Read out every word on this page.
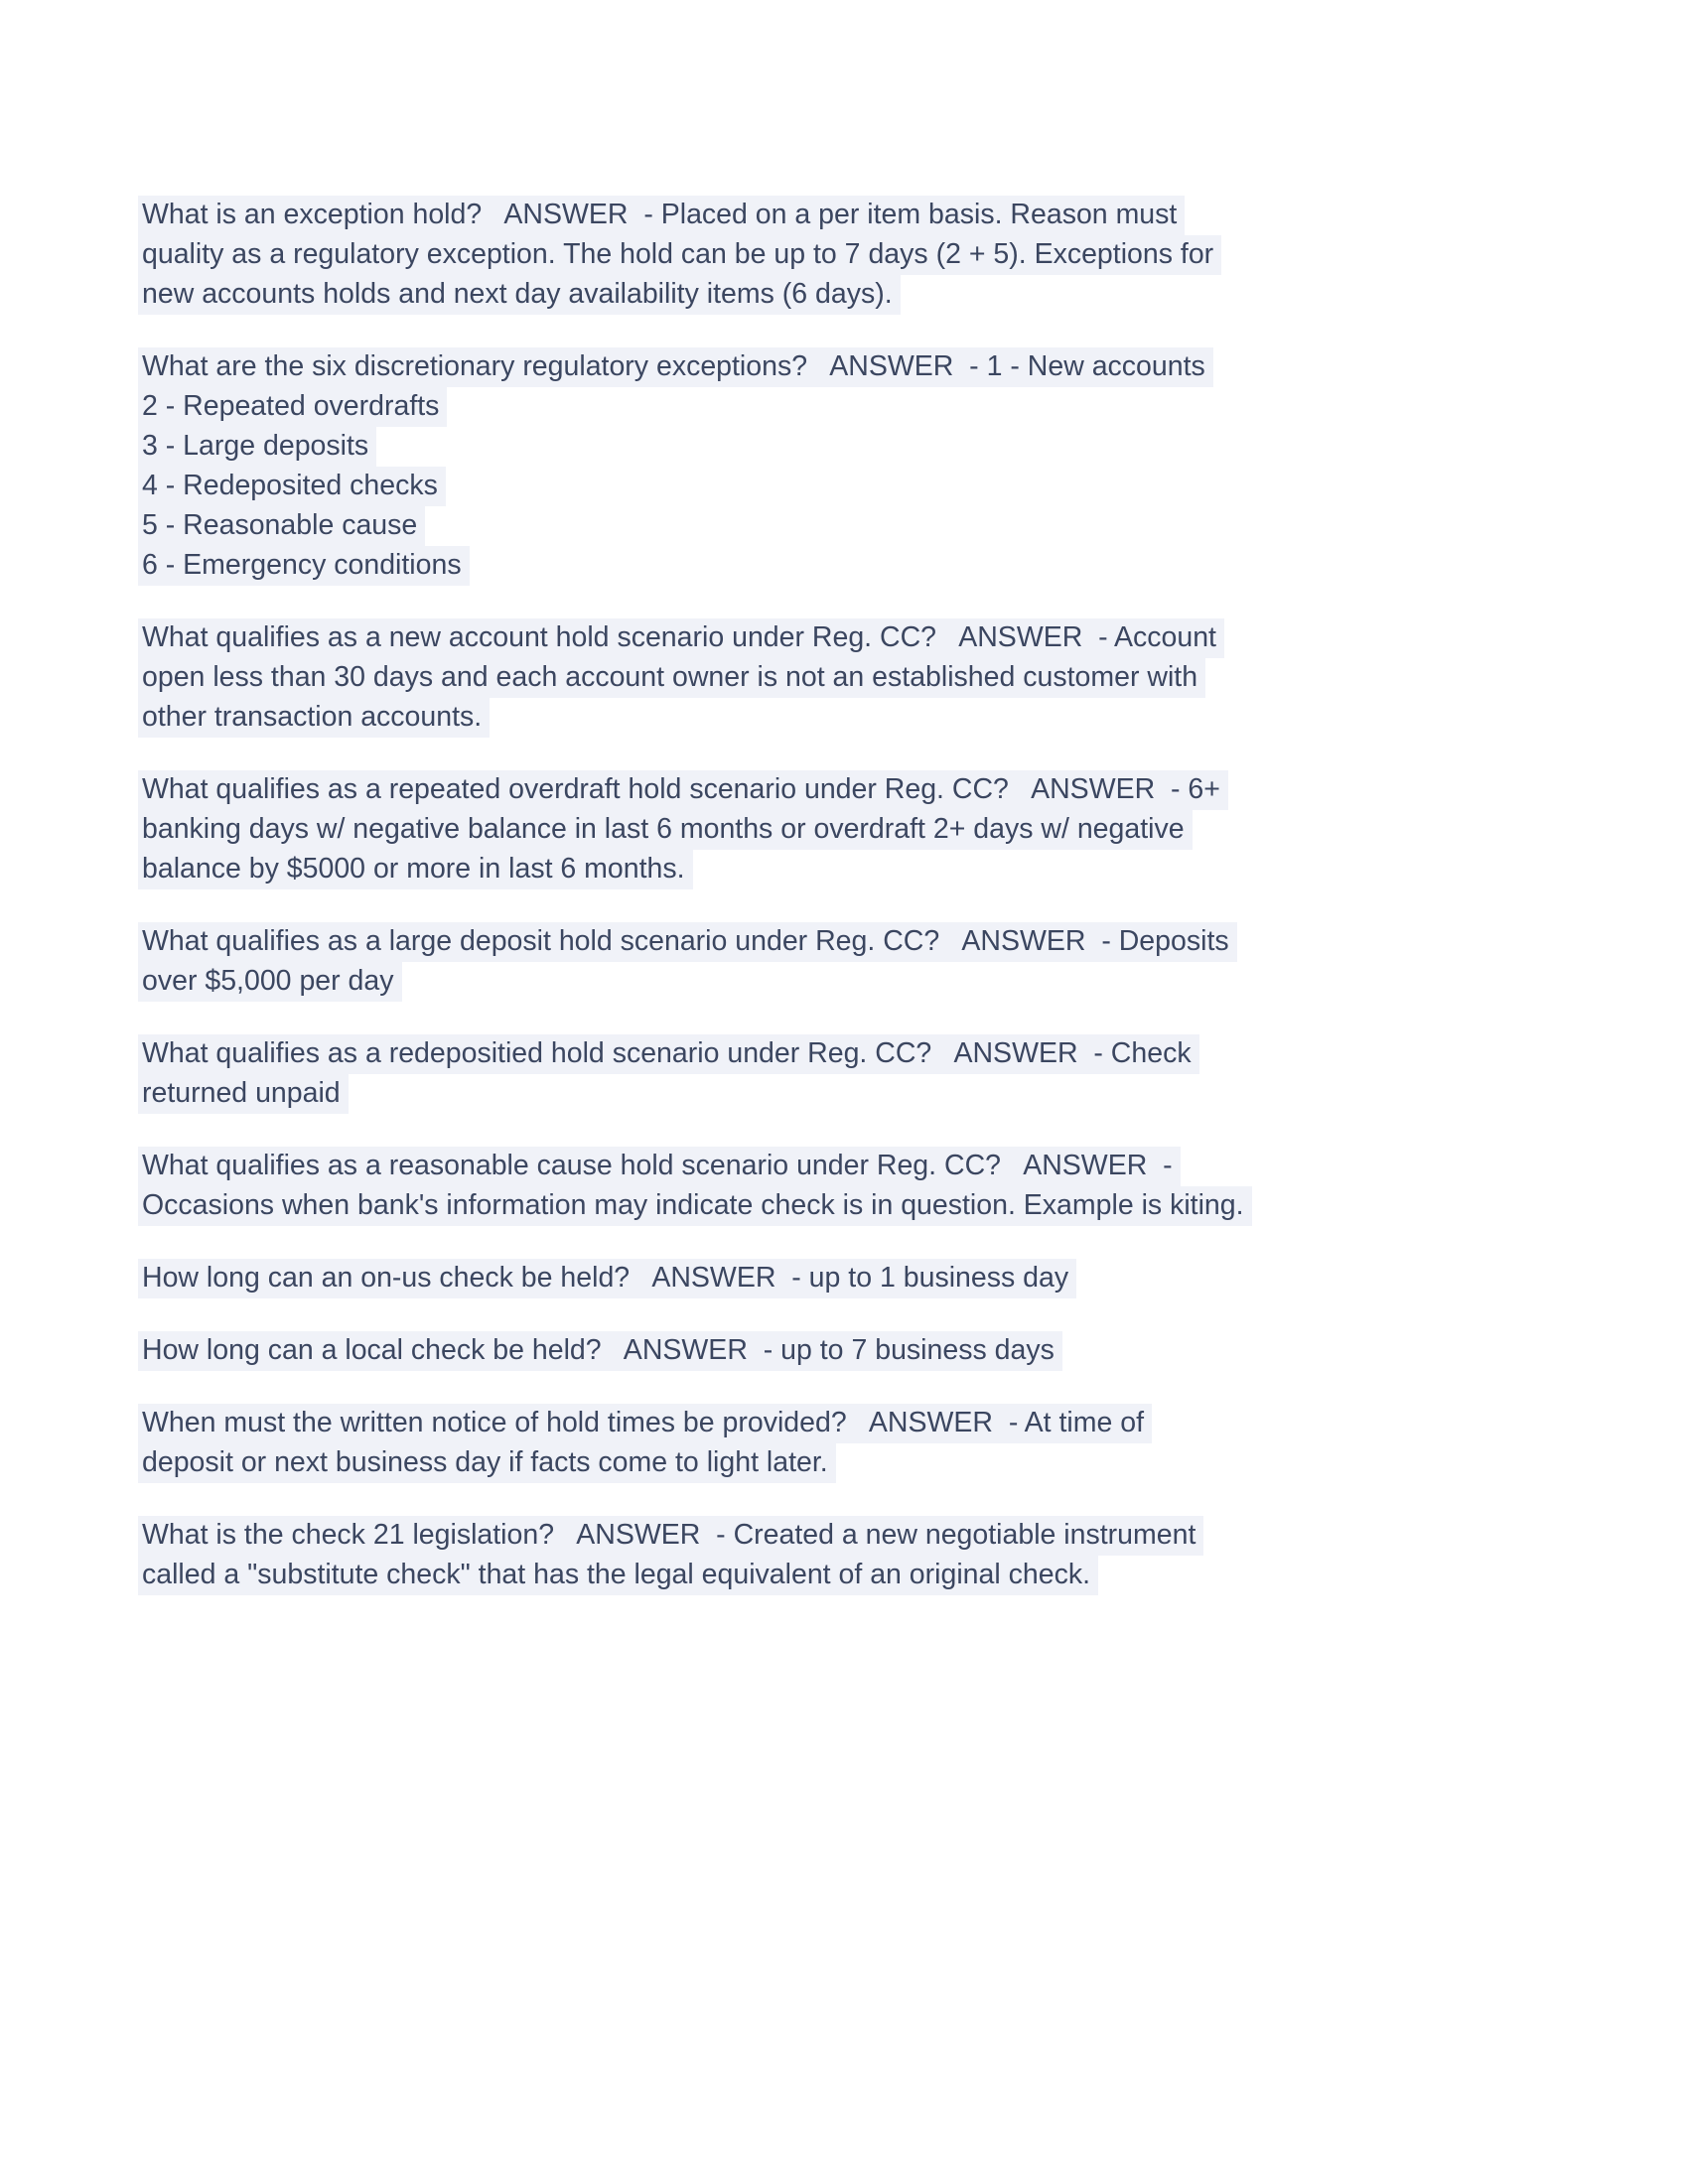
What is an exception hold?   ANSWER  - Placed on a per item basis. Reason must
quality as a regulatory exception. The hold can be up to 7 days (2 + 5). Exceptions for
new accounts holds and next day availability items (6 days).
What are the six discretionary regulatory exceptions?   ANSWER  - 1 - New accounts
2 - Repeated overdrafts
3 - Large deposits
4 - Redeposited checks
5 - Reasonable cause
6 - Emergency conditions
What qualifies as a new account hold scenario under Reg. CC?   ANSWER  - Account
open less than 30 days and each account owner is not an established customer with
other transaction accounts.
What qualifies as a repeated overdraft hold scenario under Reg. CC?   ANSWER  - 6+
banking days w/ negative balance in last 6 months or overdraft 2+ days w/ negative
balance by $5000 or more in last 6 months.
What qualifies as a large deposit hold scenario under Reg. CC?   ANSWER  - Deposits
over $5,000 per day
What qualifies as a redepositied hold scenario under Reg. CC?   ANSWER  - Check
returned unpaid
What qualifies as a reasonable cause hold scenario under Reg. CC?   ANSWER  -
Occasions when bank's information may indicate check is in question. Example is kiting.
How long can an on-us check be held?   ANSWER  - up to 1 business day
How long can a local check be held?   ANSWER  - up to 7 business days
When must the written notice of hold times be provided?   ANSWER  - At time of
deposit or next business day if facts come to light later.
What is the check 21 legislation?   ANSWER  - Created a new negotiable instrument
called a "substitute check" that has the legal equivalent of an original check.
